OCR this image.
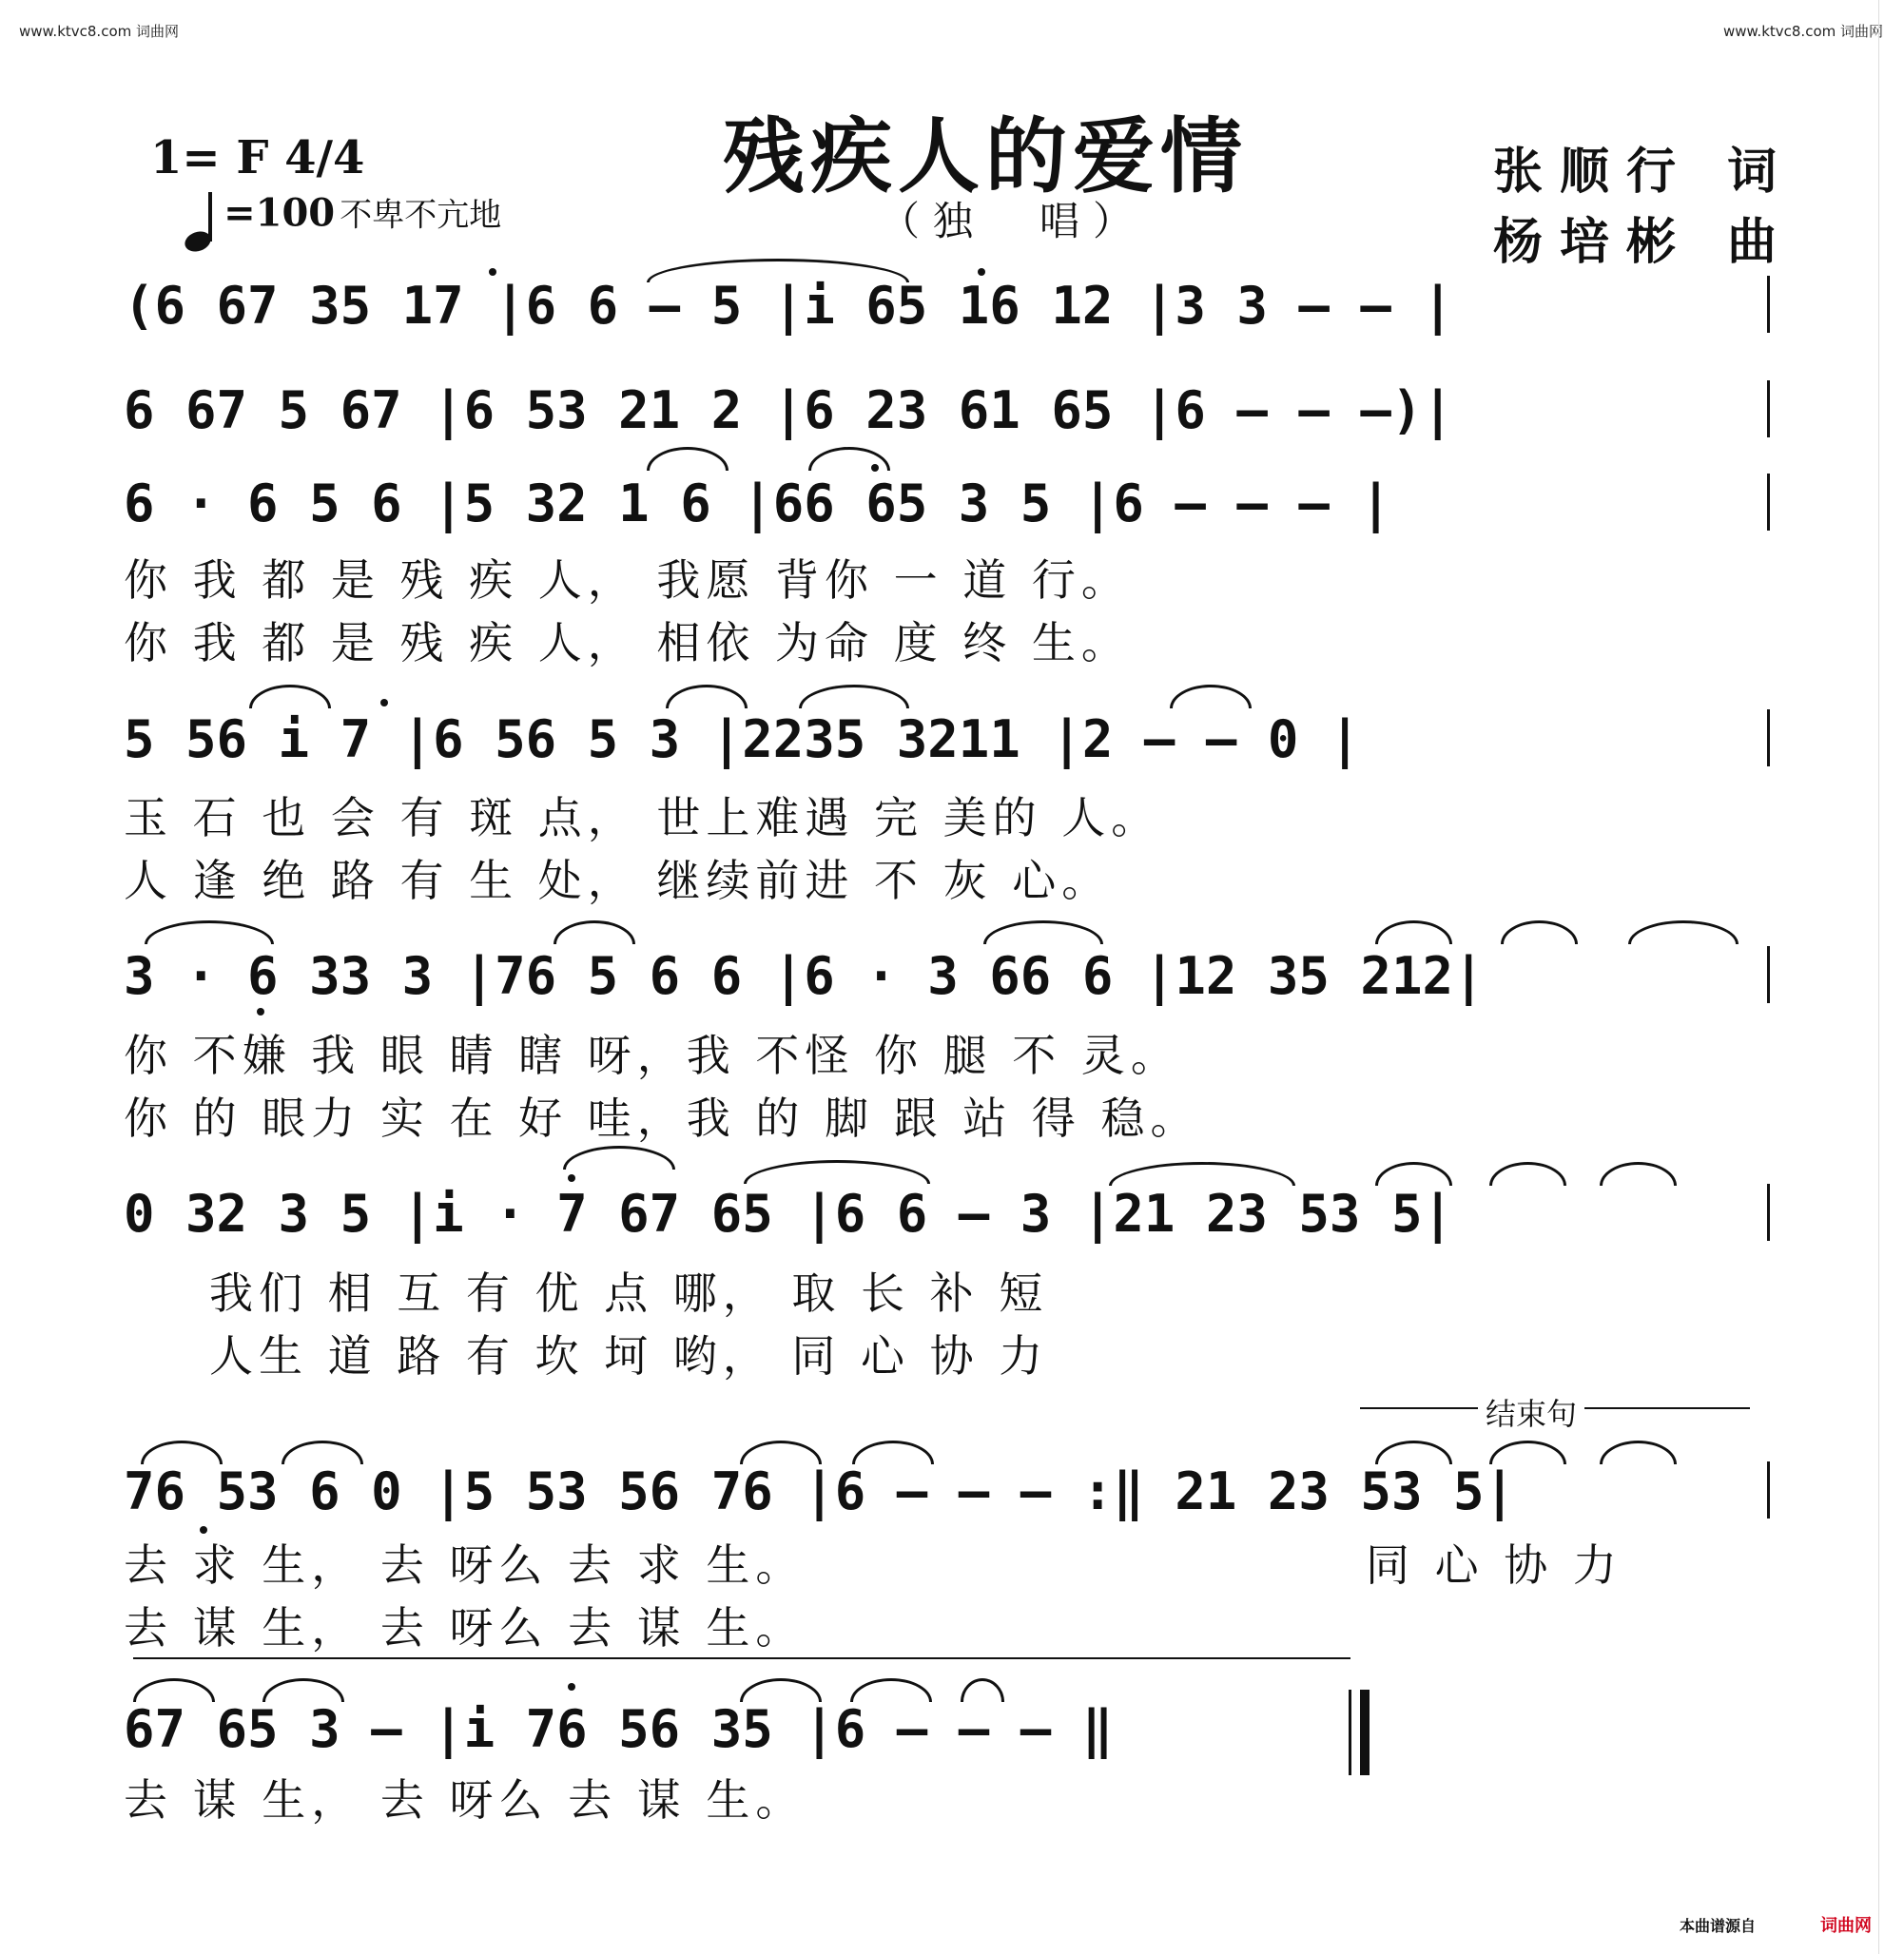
www.ktvc8.com 词曲网	www.ktvc8.com 词曲网
残疾人的爱情
（独　唱）
1= F 4/4
=100 不卑不亢地
张顺行 词
杨培彬 曲
(6 67 35 17 |6 6 — 5 |i 65 16 12 |3 3 — — |
6 67 5 67 |6 53 21 2 |6 23 61 65 |6 — — —)|
6 · 6 5 6 |5 32 1 6 |66 65 3 5 |6 — — — |
5 56 i 7 |6 56 5 3 |2235 3211 |2 — — 0 |
3 · 6 33 3 |76 5 6 6 |6 · 3 66 6 |12 35 212|
0 32 3 5 |i · 7 67 65 |6 6 — 3 |21 23 53 5|
76 53 6 0 |5 53 56 76 |6 — — — :‖ 21 23 53 5|
67 65 3 — |i 76 56 35 |6 — — — ‖
你 我 都 是 残 疾 人， 我愿 背你 一 道 行。
你 我 都 是 残 疾 人， 相依 为命 度 终 生。
玉 石 也 会 有 斑 点， 世上难遇 完 美的 人。
人 逢 绝 路 有 生 处， 继续前进 不 灰 心。
你 不嫌 我 眼 睛 瞎 呀，我 不怪 你 腿 不 灵。
你 的 眼力 实 在 好 哇，我 的 脚 跟 站 得 稳。
我们 相 互 有 优 点 哪， 取 长 补 短
人生 道 路 有 坎 坷 哟， 同 心 协 力
结束句
去 求 生， 去 呀么 去 求 生。
去 谋 生， 去 呀么 去 谋 生。
同 心 协 力
去 谋 生， 去 呀么 去 谋 生。
本曲谱源自	词曲网
